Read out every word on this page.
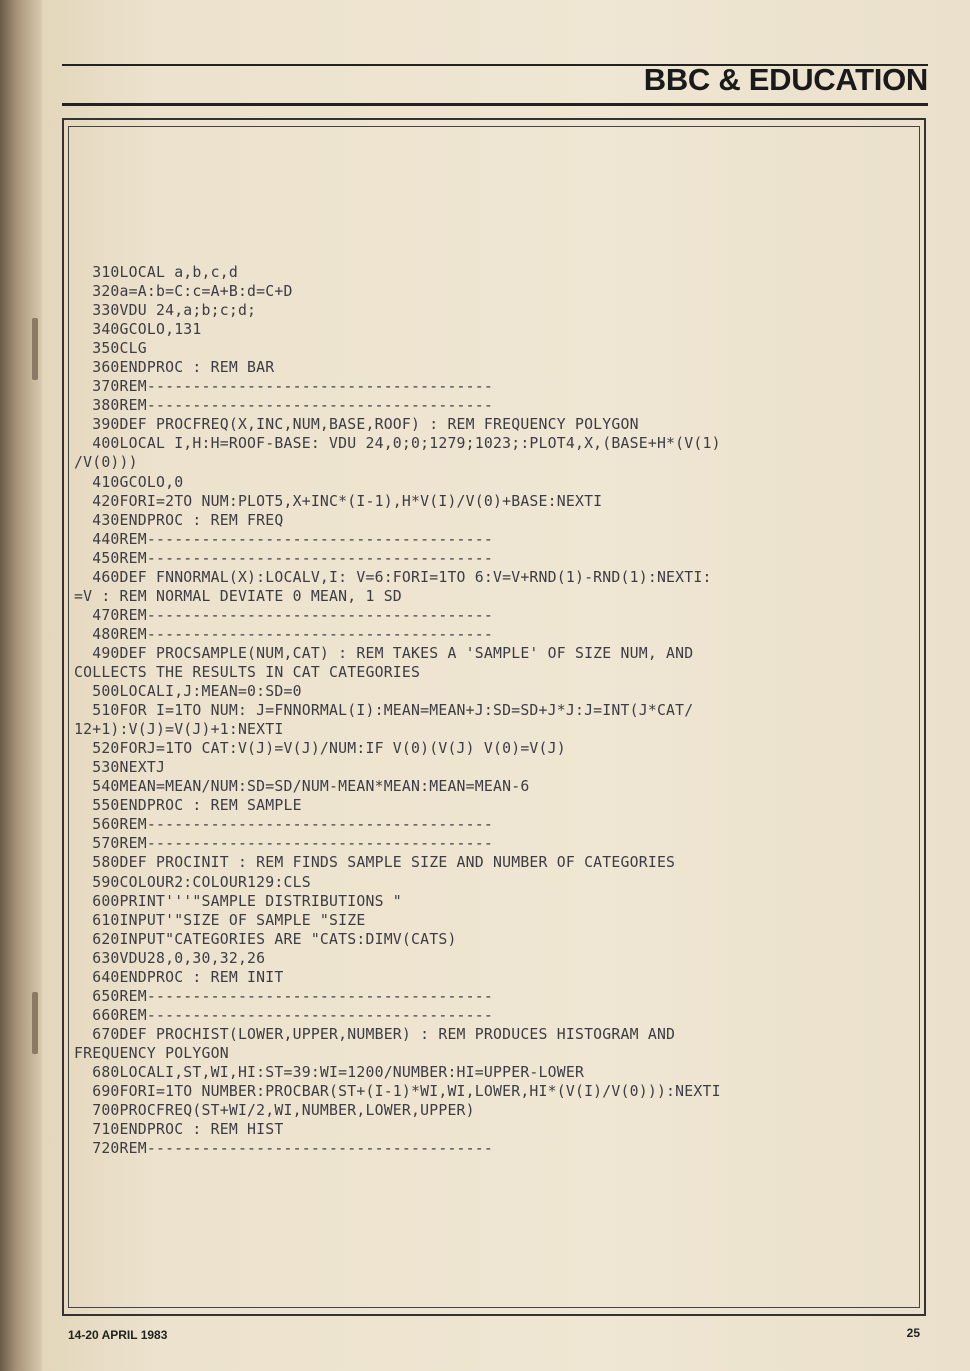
BBC & EDUCATION
310LOCAL a,b,c,d
320a=A:b=C:c=A+B:d=C+D
330VDU 24,a;b;c;d;
340GCOLO,131
350CLG
360ENDPROC : REM BAR
370REM--------------------------------------
380REM--------------------------------------
390DEF PROCFREQ(X,INC,NUM,BASE,ROOF) : REM FREQUENCY POLYGON
400LOCAL I,H:H=ROOF-BASE: VDU 24,0;0;1279;1023;:PLOT4,X,(BASE+H*(V(1)
/V(0)))
410GCOLO,0
420FORI=2TO NUM:PLOT5,X+INC*(I-1),H*V(I)/V(0)+BASE:NEXTI
430ENDPROC : REM FREQ
440REM--------------------------------------
450REM--------------------------------------
460DEF FNNORMAL(X):LOCALV,I: V=6:FORI=1TO 6:V=V+RND(1)-RND(1):NEXTI:
=V : REM NORMAL DEVIATE 0 MEAN, 1 SD
470REM--------------------------------------
480REM--------------------------------------
490DEF PROCSAMPLE(NUM,CAT) : REM TAKES A 'SAMPLE' OF SIZE NUM, AND
COLLECTS THE RESULTS IN CAT CATEGORIES
500LOCALI,J:MEAN=0:SD=0
510FOR I=1TO NUM: J=FNNORMAL(I):MEAN=MEAN+J:SD=SD+J*J:J=INT(J*CAT/
12+1):V(J)=V(J)+1:NEXTI
520FORJ=1TO CAT:V(J)=V(J)/NUM:IF V(0)(V(J) V(0)=V(J)
530NEXTJ
540MEAN=MEAN/NUM:SD=SD/NUM-MEAN*MEAN:MEAN=MEAN-6
550ENDPROC : REM SAMPLE
560REM--------------------------------------
570REM--------------------------------------
580DEF PROCINIT : REM FINDS SAMPLE SIZE AND NUMBER OF CATEGORIES
590COLOUR2:COLOUR129:CLS
600PRINT'''"SAMPLE DISTRIBUTIONS "
610INPUT'"SIZE OF SAMPLE "SIZE
620INPUT"CATEGORIES ARE "CATS:DIMV(CATS)
630VDU28,0,30,32,26
640ENDPROC : REM INIT
650REM--------------------------------------
660REM--------------------------------------
670DEF PROCHIST(LOWER,UPPER,NUMBER) : REM PRODUCES HISTOGRAM AND
FREQUENCY POLYGON
680LOCALI,ST,WI,HI:ST=39:WI=1200/NUMBER:HI=UPPER-LOWER
690FORI=1TO NUMBER:PROCBAR(ST+(I-1)*WI,WI,LOWER,HI*(V(I)/V(0))):NEXTI
700PROCFREQ(ST+WI/2,WI,NUMBER,LOWER,UPPER)
710ENDPROC : REM HIST
720REM--------------------------------------
14-20 APRIL 1983	25
